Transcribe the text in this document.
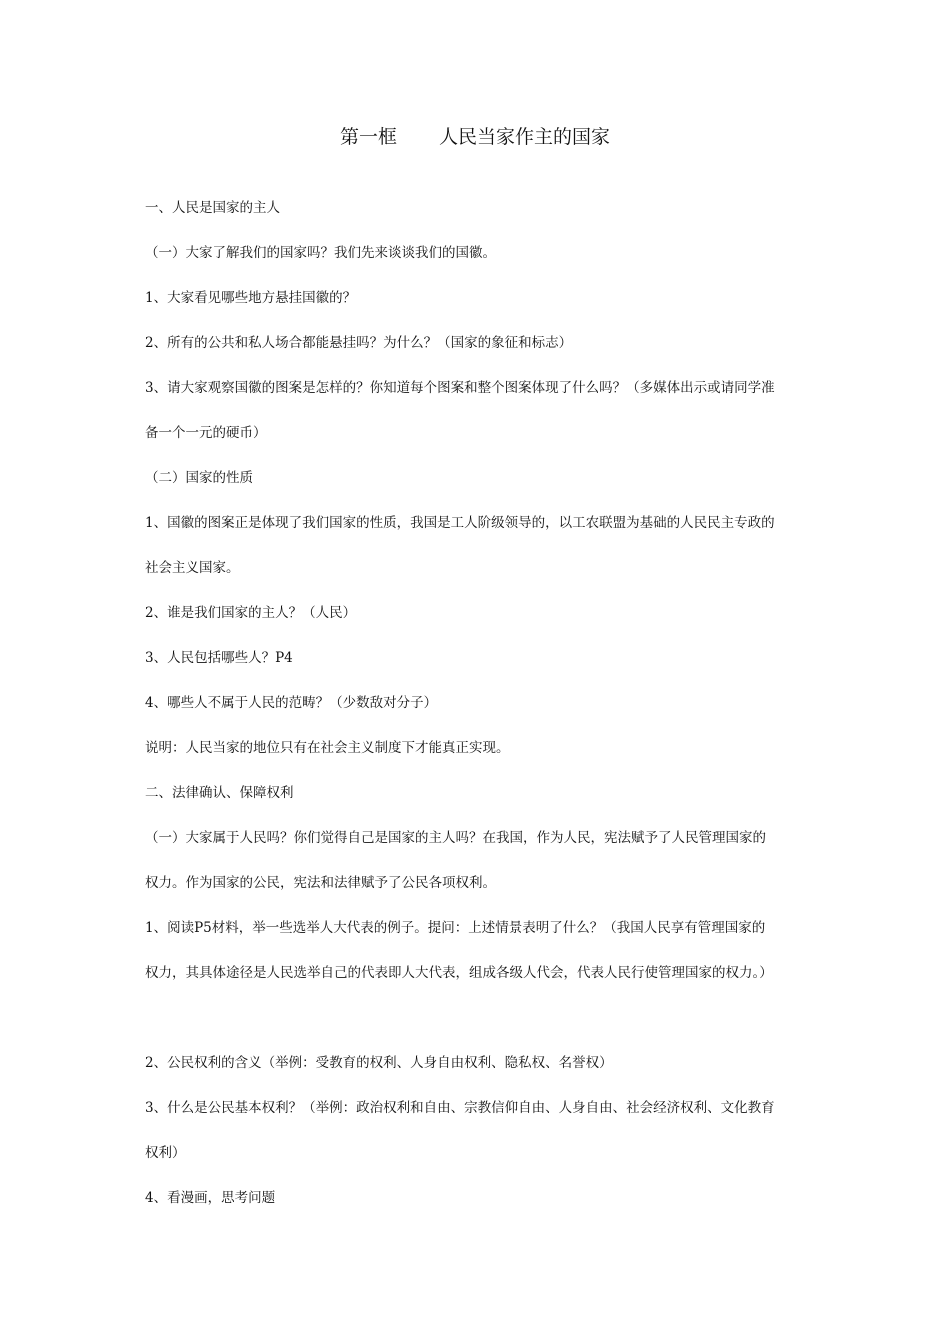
第一框 人民当家作主的国家
一、人民是国家的主人
（一）大家了解我们的国家吗？我们先来谈谈我们的国徽。
1、大家看见哪些地方悬挂国徽的？
2、所有的公共和私人场合都能悬挂吗？为什么？（国家的象征和标志）
3、请大家观察国徽的图案是怎样的？你知道每个图案和整个图案体现了什么吗？（多媒体出示或请同学准
备一个一元的硬币）
（二）国家的性质
1、国徽的图案正是体现了我们国家的性质，我国是工人阶级领导的，以工农联盟为基础的人民民主专政的
社会主义国家。
2、谁是我们国家的主人？（人民）
3、人民包括哪些人？P4
4、哪些人不属于人民的范畴？（少数敌对分子）
说明：人民当家的地位只有在社会主义制度下才能真正实现。
二、法律确认、保障权利
（一）大家属于人民吗？你们觉得自己是国家的主人吗？在我国，作为人民，宪法赋予了人民管理国家的
权力。作为国家的公民，宪法和法律赋予了公民各项权利。
1、阅读P5材料，举一些选举人大代表的例子。提问：上述情景表明了什么？（我国人民享有管理国家的
权力，其具体途径是人民选举自己的代表即人大代表，组成各级人代会，代表人民行使管理国家的权力。）
2、公民权利的含义（举例：受教育的权利、人身自由权利、隐私权、名誉权）
3、什么是公民基本权利？（举例：政治权利和自由、宗教信仰自由、人身自由、社会经济权利、文化教育
权利）
4、看漫画，思考问题
